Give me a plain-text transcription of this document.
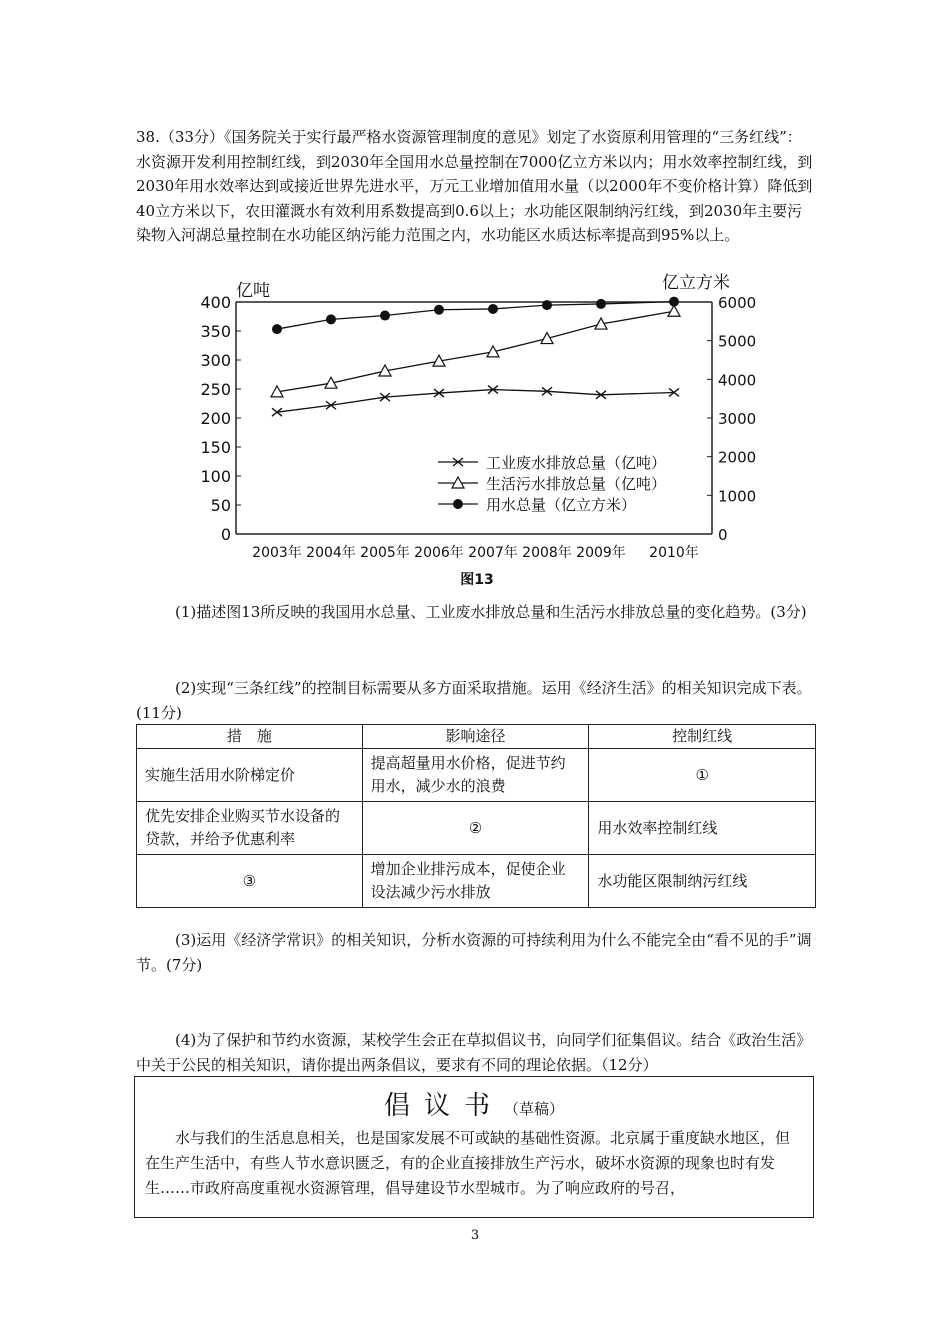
38.（33分）《国务院关于实行最严格水资源管理制度的意见》划定了水资原利用管理的“三务红线”：水资源开发利用控制红线，到2030年全国用水总量控制在7000亿立方米以内；用水效率控制红线，到2030年用水效率达到或接近世界先进水平，万元工业增加值用水量（以2000年不变价格计算）降低到40立方米以下，农田灌溉水有效利用系数提高到0.6以上；水功能区限制纳污红线，到2030年主要污染物入河湖总量控制在水功能区纳污能力范围之内，水功能区水质达标率提高到95%以上。

0
50
100
150
200
250
300
350
400
0
1000
2000
3000
4000
5000
6000
2003年 2004年 2005年 2006年 2007年 2008年 2009年 2010年
工业废水排放总量（亿吨）
生活污水排放总量（亿吨）
用水总量（亿立方米）
亿吨	亿立方米
图13

(1)描述图13所反映的我国用水总量、工业废水排放总量和生活污水排放总量的变化趋势。(3分)

(2)实现“三条红线”的控制目标需要从多方面采取措施。运用《经济生活》的相关知识完成下表。(11分)

措　施	影响途径	控制红线
实施生活用水阶梯定价	提高超量用水价格，促进节约用水，减少水的浪费	①
优先安排企业购买节水设备的贷款，并给予优惠利率	②	用水效率控制红线
③	增加企业排污成本，促使企业设法减少污水排放	水功能区限制纳污红线

(3)运用《经济学常识》的相关知识，分析水资源的可持续利用为什么不能完全由“看不见的手”调节。(7分)

(4)为了保护和节约水资源，某校学生会正在草拟倡议书，向同学们征集倡议。结合《政治生活》中关于公民的相关知识，请你提出两条倡议，要求有不同的理论依据。（12分）

倡议书（草稿）
水与我们的生活息息相关，也是国家发展不可或缺的基础性资源。北京属于重度缺水地区，但在生产生活中，有些人节水意识匮乏，有的企业直接排放生产污水，破坏水资源的现象也时有发生……市政府高度重视水资源管理，倡导建设节水型城市。为了响应政府的号召，
3
